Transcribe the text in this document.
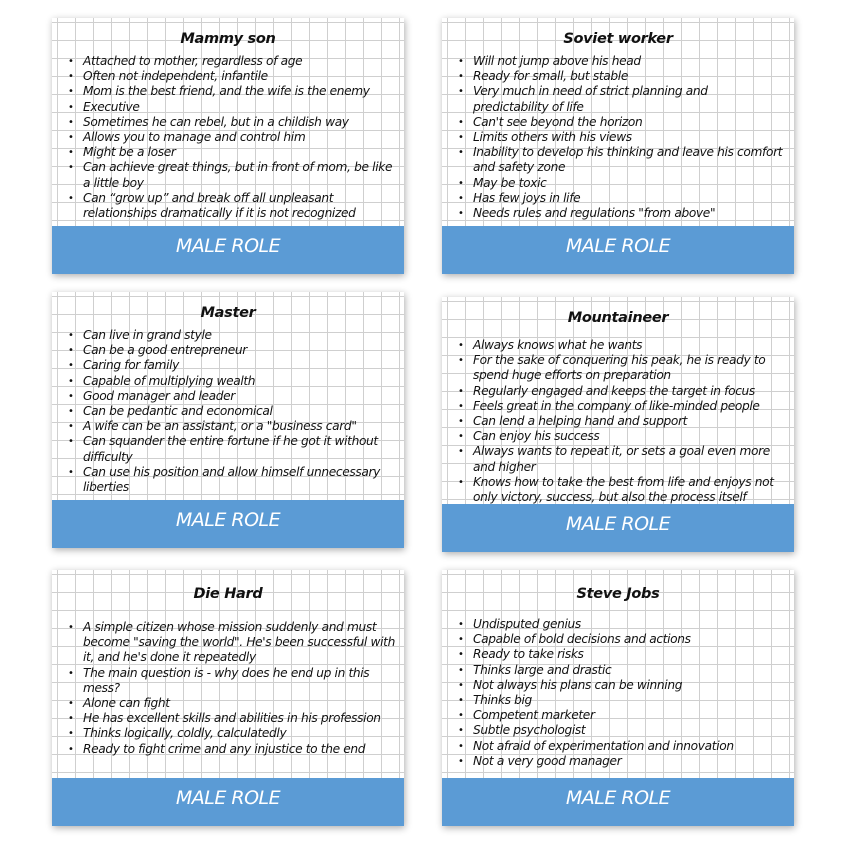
Mammy son
• Attached to mother, regardless of age
• Often not independent, infantile
• Mom is the best friend, and the wife is the enemy
• Executive
• Sometimes he can rebel, but in a childish way
• Allows you to manage and control him
• Might be a loser
• Can achieve great things, but in front of mom, be like a little boy
• Can “grow up” and break off all unpleasant relationships dramatically if it is not recognized
MALE ROLE
Soviet worker
• Will not jump above his head
• Ready for small, but stable
• Very much in need of strict planning and predictability of life
• Can't see beyond the horizon
• Limits others with his views
• Inability to develop his thinking and leave his comfort and safety zone
• May be toxic
• Has few joys in life
• Needs rules and regulations "from above"
MALE ROLE
Master
• Can live in grand style
• Can be a good entrepreneur
• Caring for family
• Capable of multiplying wealth
• Good manager and leader
• Can be pedantic and economical
• A wife can be an assistant, or a "business card"
• Can squander the entire fortune if he got it without difficulty
• Can use his position and allow himself unnecessary liberties
MALE ROLE
Mountaineer
• Always knows what he wants
• For the sake of conquering his peak, he is ready to spend huge efforts on preparation
• Regularly engaged and keeps the target in focus
• Feels great in the company of like-minded people
• Can lend a helping hand and support
• Can enjoy his success
• Always wants to repeat it, or sets a goal even more and higher
• Knows how to take the best from life and enjoys not only victory, success, but also the process itself
MALE ROLE
Die Hard
• A simple citizen whose mission suddenly and must become "saving the world". He's been successful with it, and he's done it repeatedly
• The main question is - why does he end up in this mess?
• Alone can fight
• He has excellent skills and abilities in his profession
• Thinks logically, coldly, calculatedly
• Ready to fight crime and any injustice to the end
MALE ROLE
Steve Jobs
• Undisputed genius
• Capable of bold decisions and actions
• Ready to take risks
• Thinks large and drastic
• Not always his plans can be winning
• Thinks big
• Competent marketer
• Subtle psychologist
• Not afraid of experimentation and innovation
• Not a very good manager
MALE ROLE
